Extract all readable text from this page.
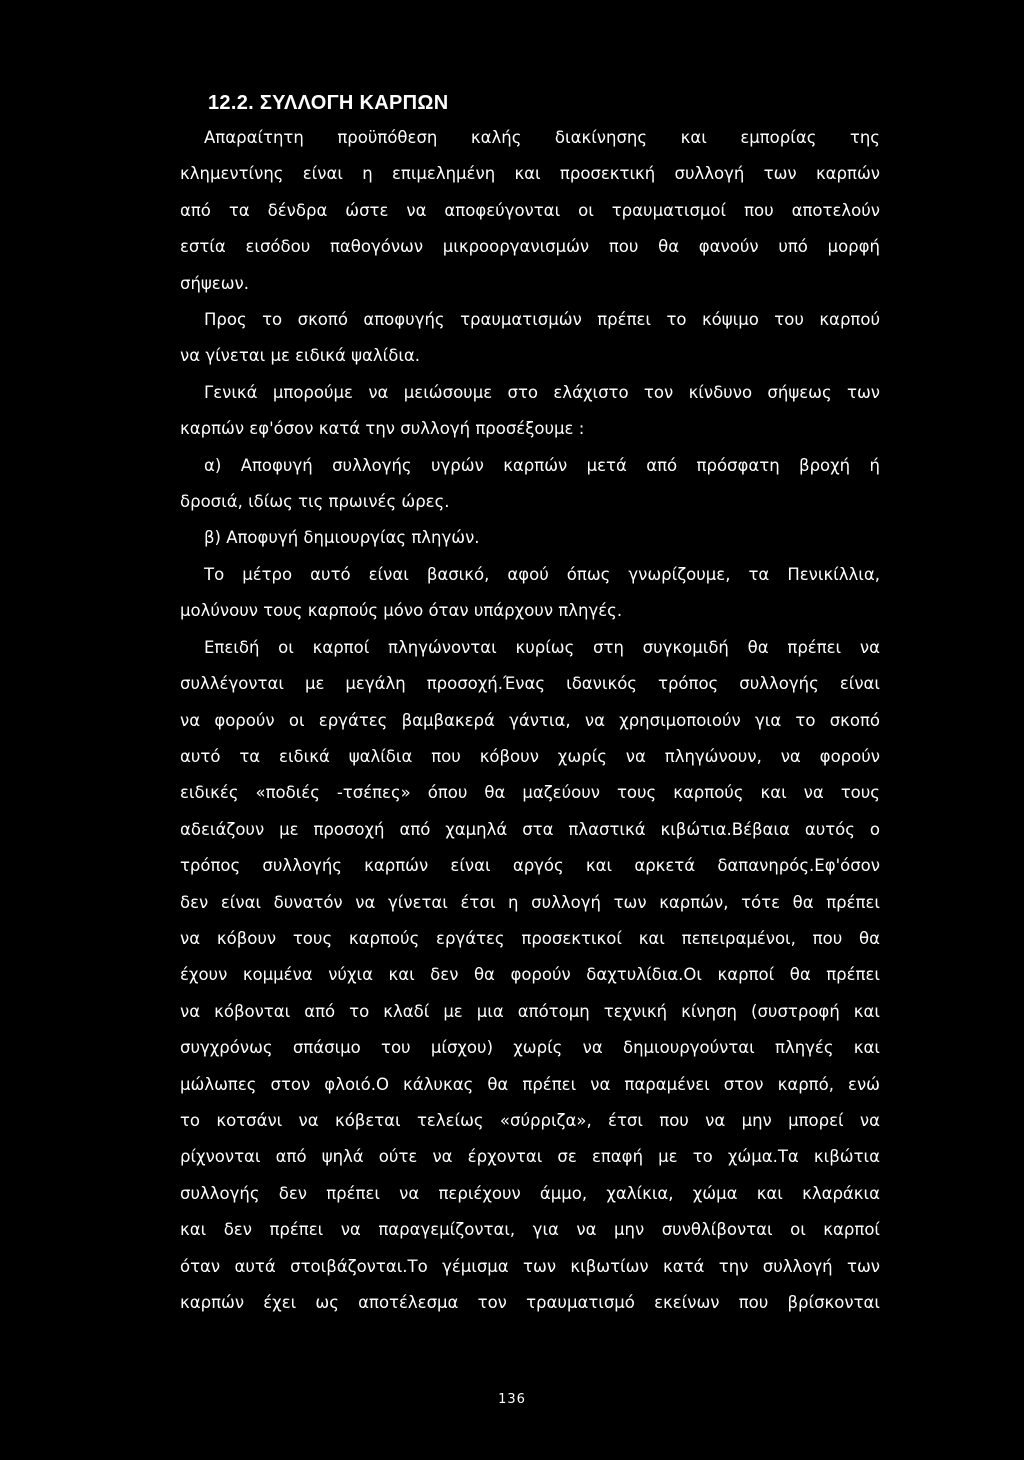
12.2. ΣΥΛΛΟΓΗ ΚΑΡΠΩΝ
Απαραίτητη προϋπόθεση καλής διακίνησης και εμπορίας της
κλημεντίνης είναι η επιμελημένη και προσεκτική συλλογή των καρπών
από τα δένδρα ώστε να αποφεύγονται οι τραυματισμοί που αποτελούν
εστία εισόδου παθογόνων μικροοργανισμών που θα φανούν υπό μορφή
σήψεων.
Προς το σκοπό αποφυγής τραυματισμών πρέπει το κόψιμο του καρπού
να γίνεται με ειδικά ψαλίδια.
Γενικά μπορούμε να μειώσουμε στο ελάχιστο τον κίνδυνο σήψεως των
καρπών εφ'όσον κατά την συλλογή προσέξουμε :
α) Αποφυγή συλλογής υγρών καρπών μετά από πρόσφατη βροχή ή
δροσιά, ιδίως τις πρωινές ώρες.
β) Αποφυγή δημιουργίας πληγών.
Το μέτρο αυτό είναι βασικό, αφού όπως γνωρίζουμε, τα Πενικίλλια,
μολύνουν τους καρπούς μόνο όταν υπάρχουν πληγές.
Επειδή οι καρποί πληγώνονται κυρίως στη συγκομιδή θα πρέπει να
συλλέγονται με μεγάλη προσοχή.Ένας ιδανικός τρόπος συλλογής είναι
να φορούν οι εργάτες βαμβακερά γάντια, να χρησιμοποιούν για το σκοπό
αυτό τα ειδικά ψαλίδια που κόβουν χωρίς να πληγώνουν, να φορούν
ειδικές «ποδιές -τσέπες» όπου θα μαζεύουν τους καρπούς και να τους
αδειάζουν με προσοχή από χαμηλά στα πλαστικά κιβώτια.Βέβαια αυτός ο
τρόπος συλλογής καρπών είναι αργός και αρκετά δαπανηρός.Εφ'όσον
δεν είναι δυνατόν να γίνεται έτσι η συλλογή των καρπών, τότε θα πρέπει
να κόβουν τους καρπούς εργάτες προσεκτικοί και πεπειραμένοι, που θα
έχουν κομμένα νύχια και δεν θα φορούν δαχτυλίδια.Οι καρποί θα πρέπει
να κόβονται από το κλαδί με μια απότομη τεχνική κίνηση (συστροφή και
συγχρόνως σπάσιμο του μίσχου) χωρίς να δημιουργούνται πληγές και
μώλωπες στον φλοιό.Ο κάλυκας θα πρέπει να παραμένει στον καρπό, ενώ
το κοτσάνι να κόβεται τελείως «σύρριζα», έτσι που να μην μπορεί να
ρίχνονται από ψηλά ούτε να έρχονται σε επαφή με το χώμα.Τα κιβώτια
συλλογής δεν πρέπει να περιέχουν άμμο, χαλίκια, χώμα και κλαράκια
και δεν πρέπει να παραγεμίζονται, για να μην συνθλίβονται οι καρποί
όταν αυτά στοιβάζονται.Το γέμισμα των κιβωτίων κατά την συλλογή των
καρπών έχει ως αποτέλεσμα τον τραυματισμό εκείνων που βρίσκονται
136
